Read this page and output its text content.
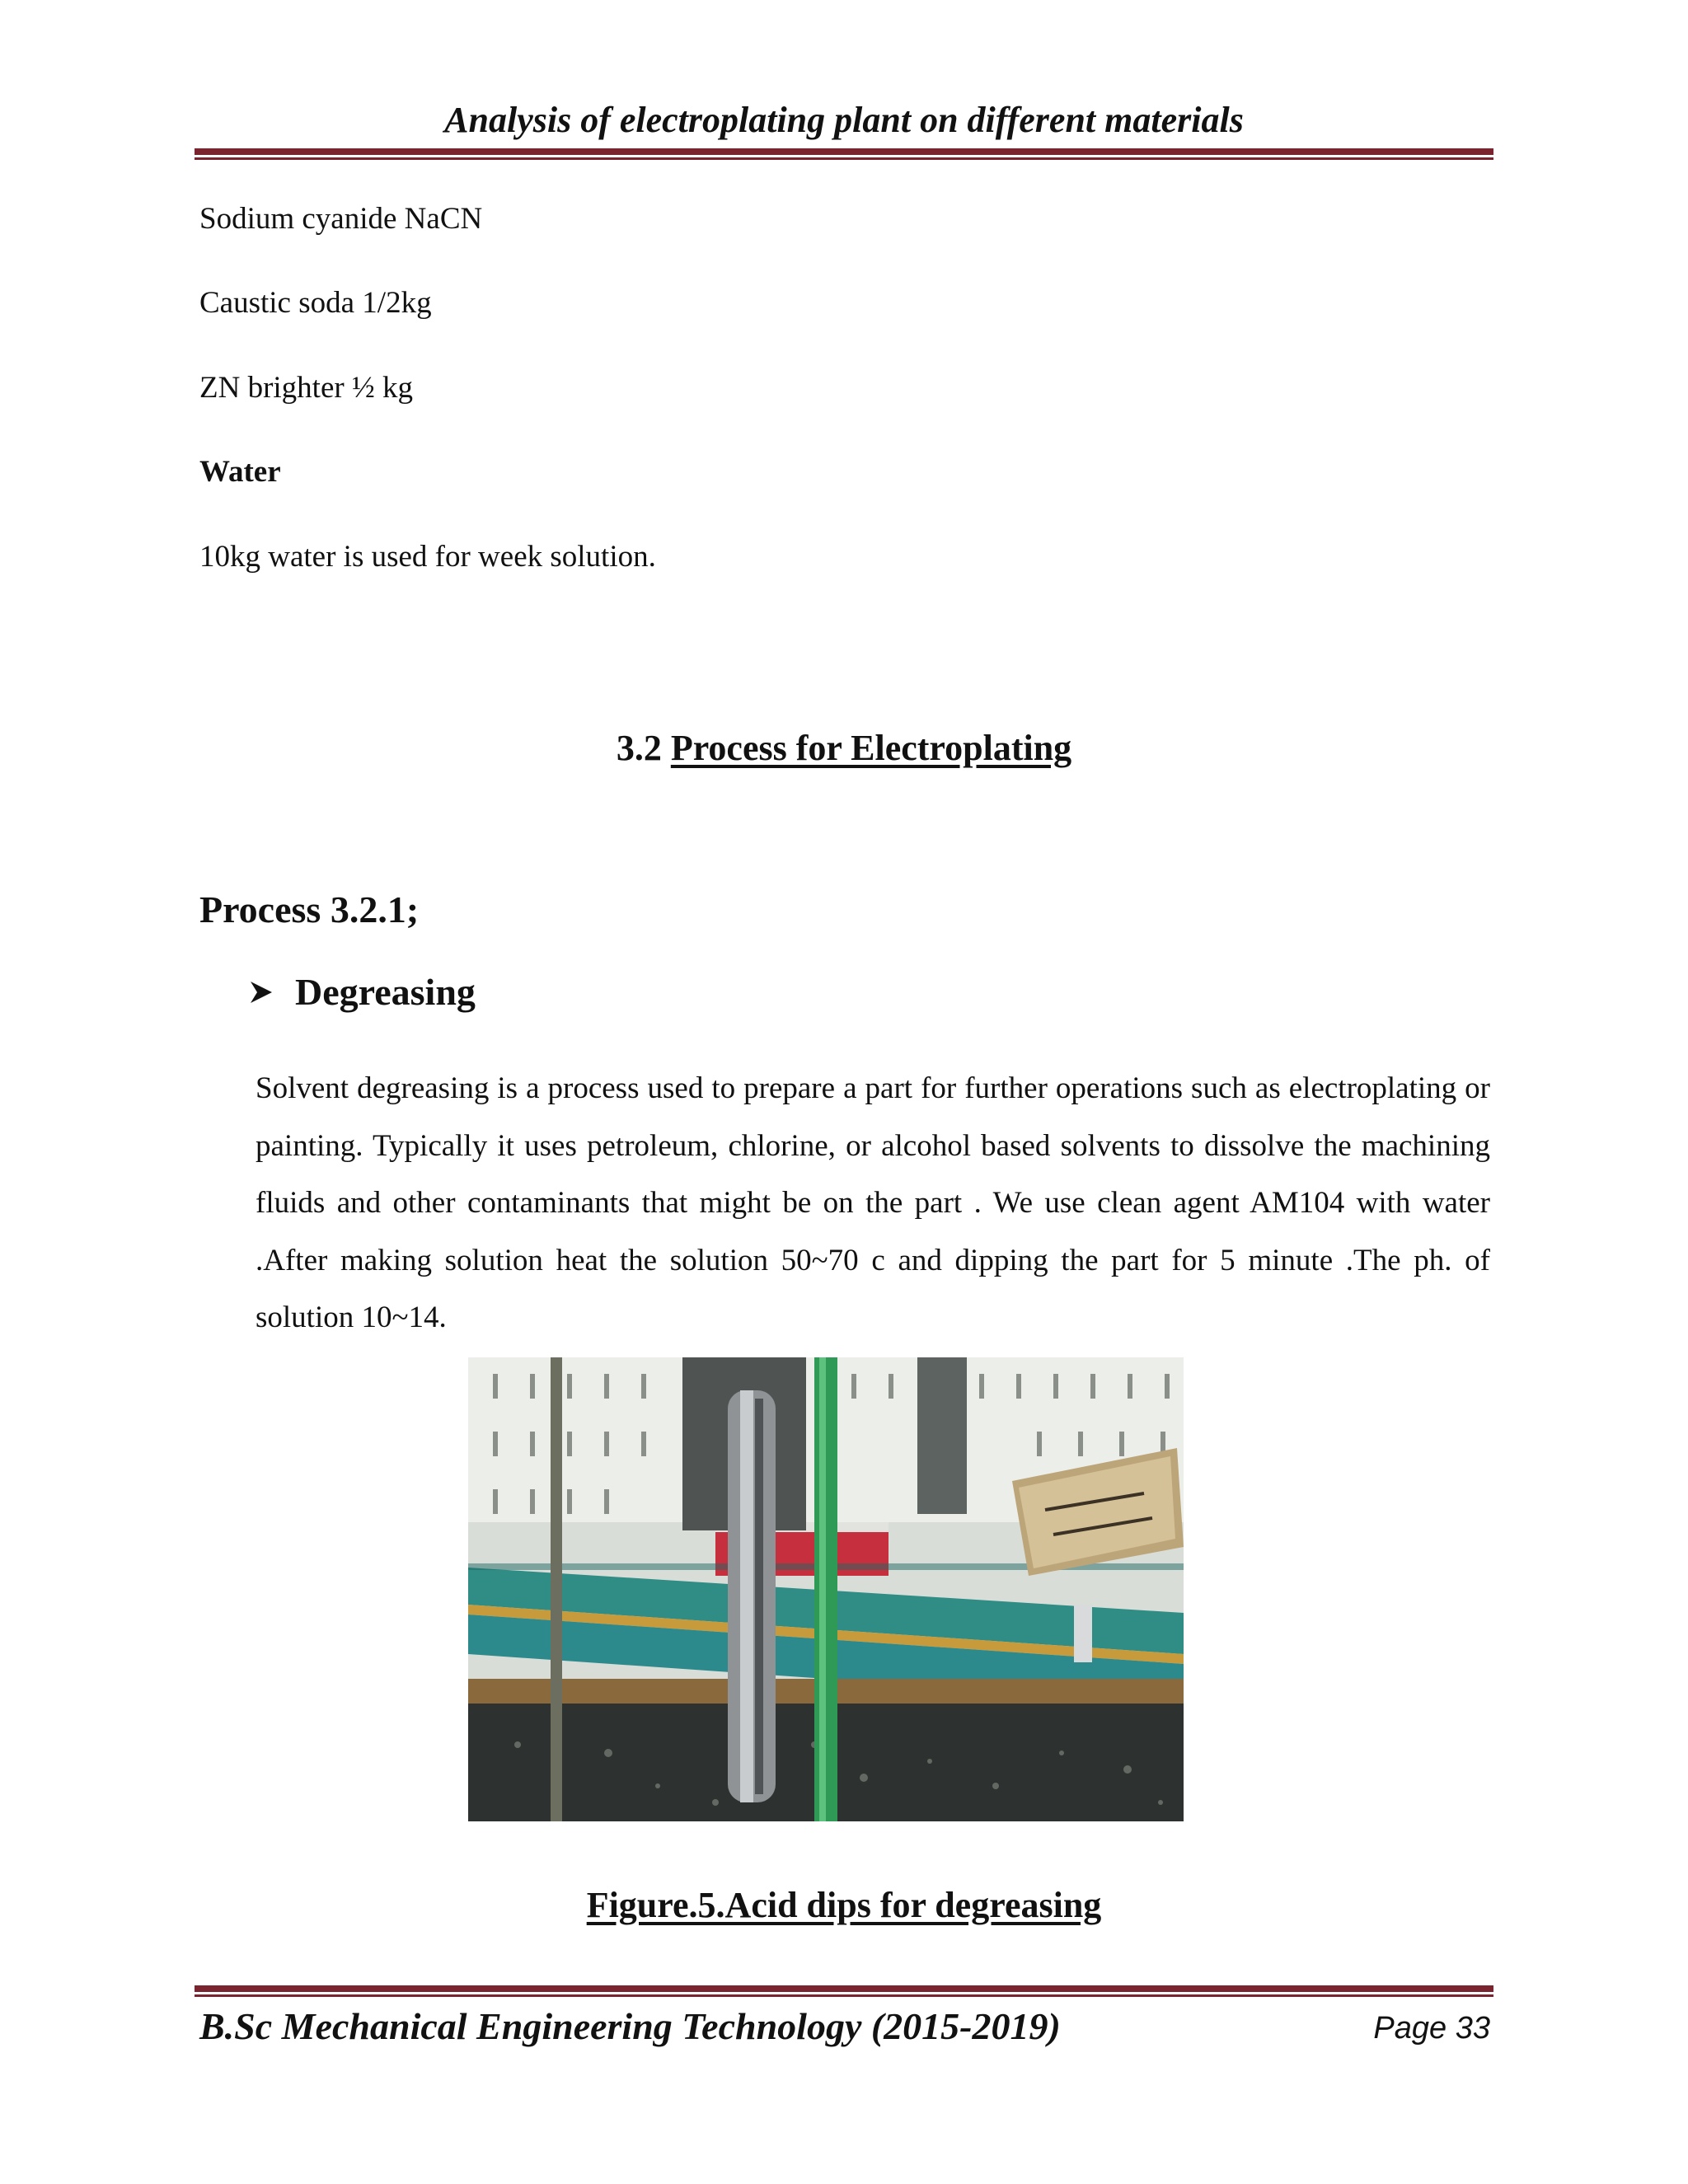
Analysis of electroplating plant on different materials
Sodium cyanide NaCN
Caustic soda 1/2kg
ZN brighter ½ kg
Water
10kg water is used for week solution.
3.2 Process for Electroplating
Process 3.2.1;
Degreasing
Solvent degreasing is a process used to prepare a part for further operations such as electroplating or painting. Typically it uses petroleum, chlorine, or alcohol based solvents to dissolve the machining fluids and other contaminants that might be on the part . We use clean agent AM104 with water .After making solution heat the solution 50~70 c and dipping the part for 5 minute .The ph. of solution 10~14.
Figure.5.Acid dips for degreasing
B.Sc Mechanical Engineering Technology (2015-2019)	Page 33
